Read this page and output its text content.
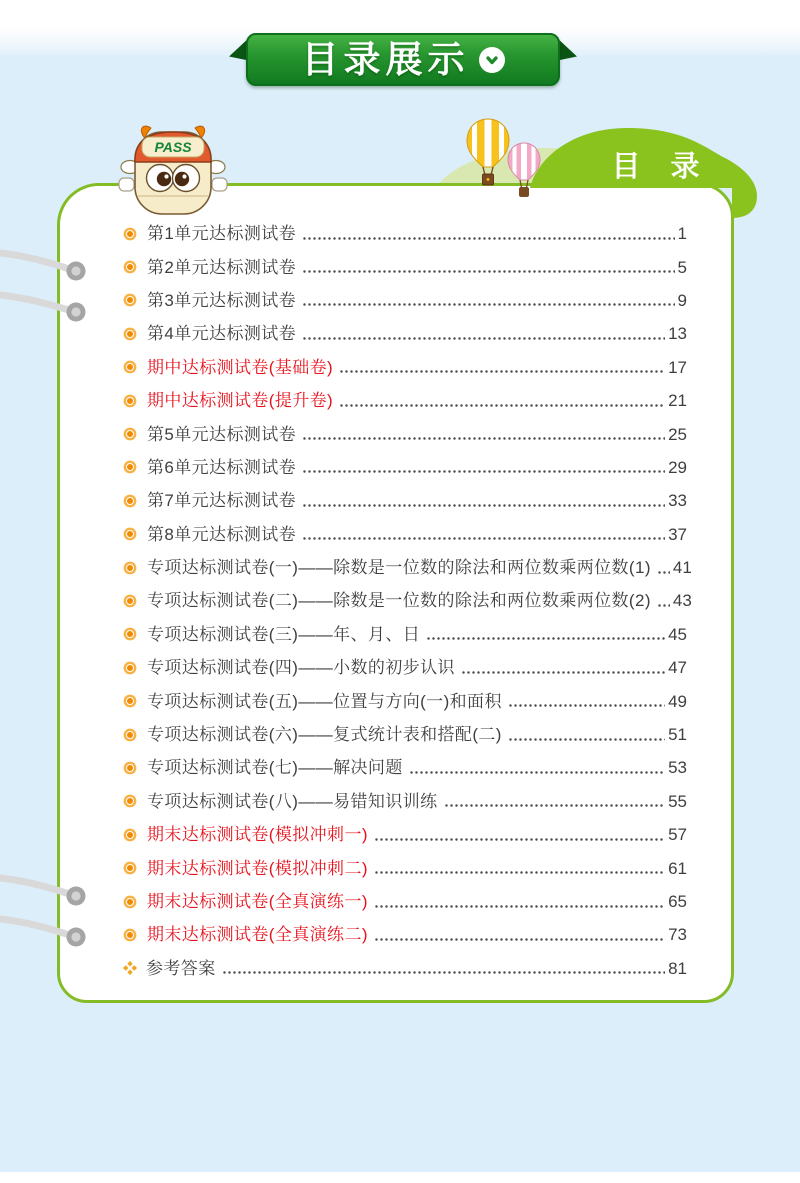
目录展示
第1单元达标测试卷	1
第2单元达标测试卷	5
第3单元达标测试卷	9
第4单元达标测试卷	13
期中达标测试卷(基础卷)	17
期中达标测试卷(提升卷)	21
第5单元达标测试卷	25
第6单元达标测试卷	29
第7单元达标测试卷	33
第8单元达标测试卷	37
专项达标测试卷(一)——除数是一位数的除法和两位数乘两位数(1) 41
专项达标测试卷(二)——除数是一位数的除法和两位数乘两位数(2) 43
专项达标测试卷(三)——年、月、日	45
专项达标测试卷(四)——小数的初步认识	47
专项达标测试卷(五)——位置与方向(一)和面积	49
专项达标测试卷(六)——复式统计表和搭配(二)	51
专项达标测试卷(七)——解决问题	53
专项达标测试卷(八)——易错知识训练	55
期末达标测试卷(模拟冲刺一)	57
期末达标测试卷(模拟冲刺二)	61
期末达标测试卷(全真演练一)	65
期末达标测试卷(全真演练二)	73
参考答案	81
目 录
PASS
